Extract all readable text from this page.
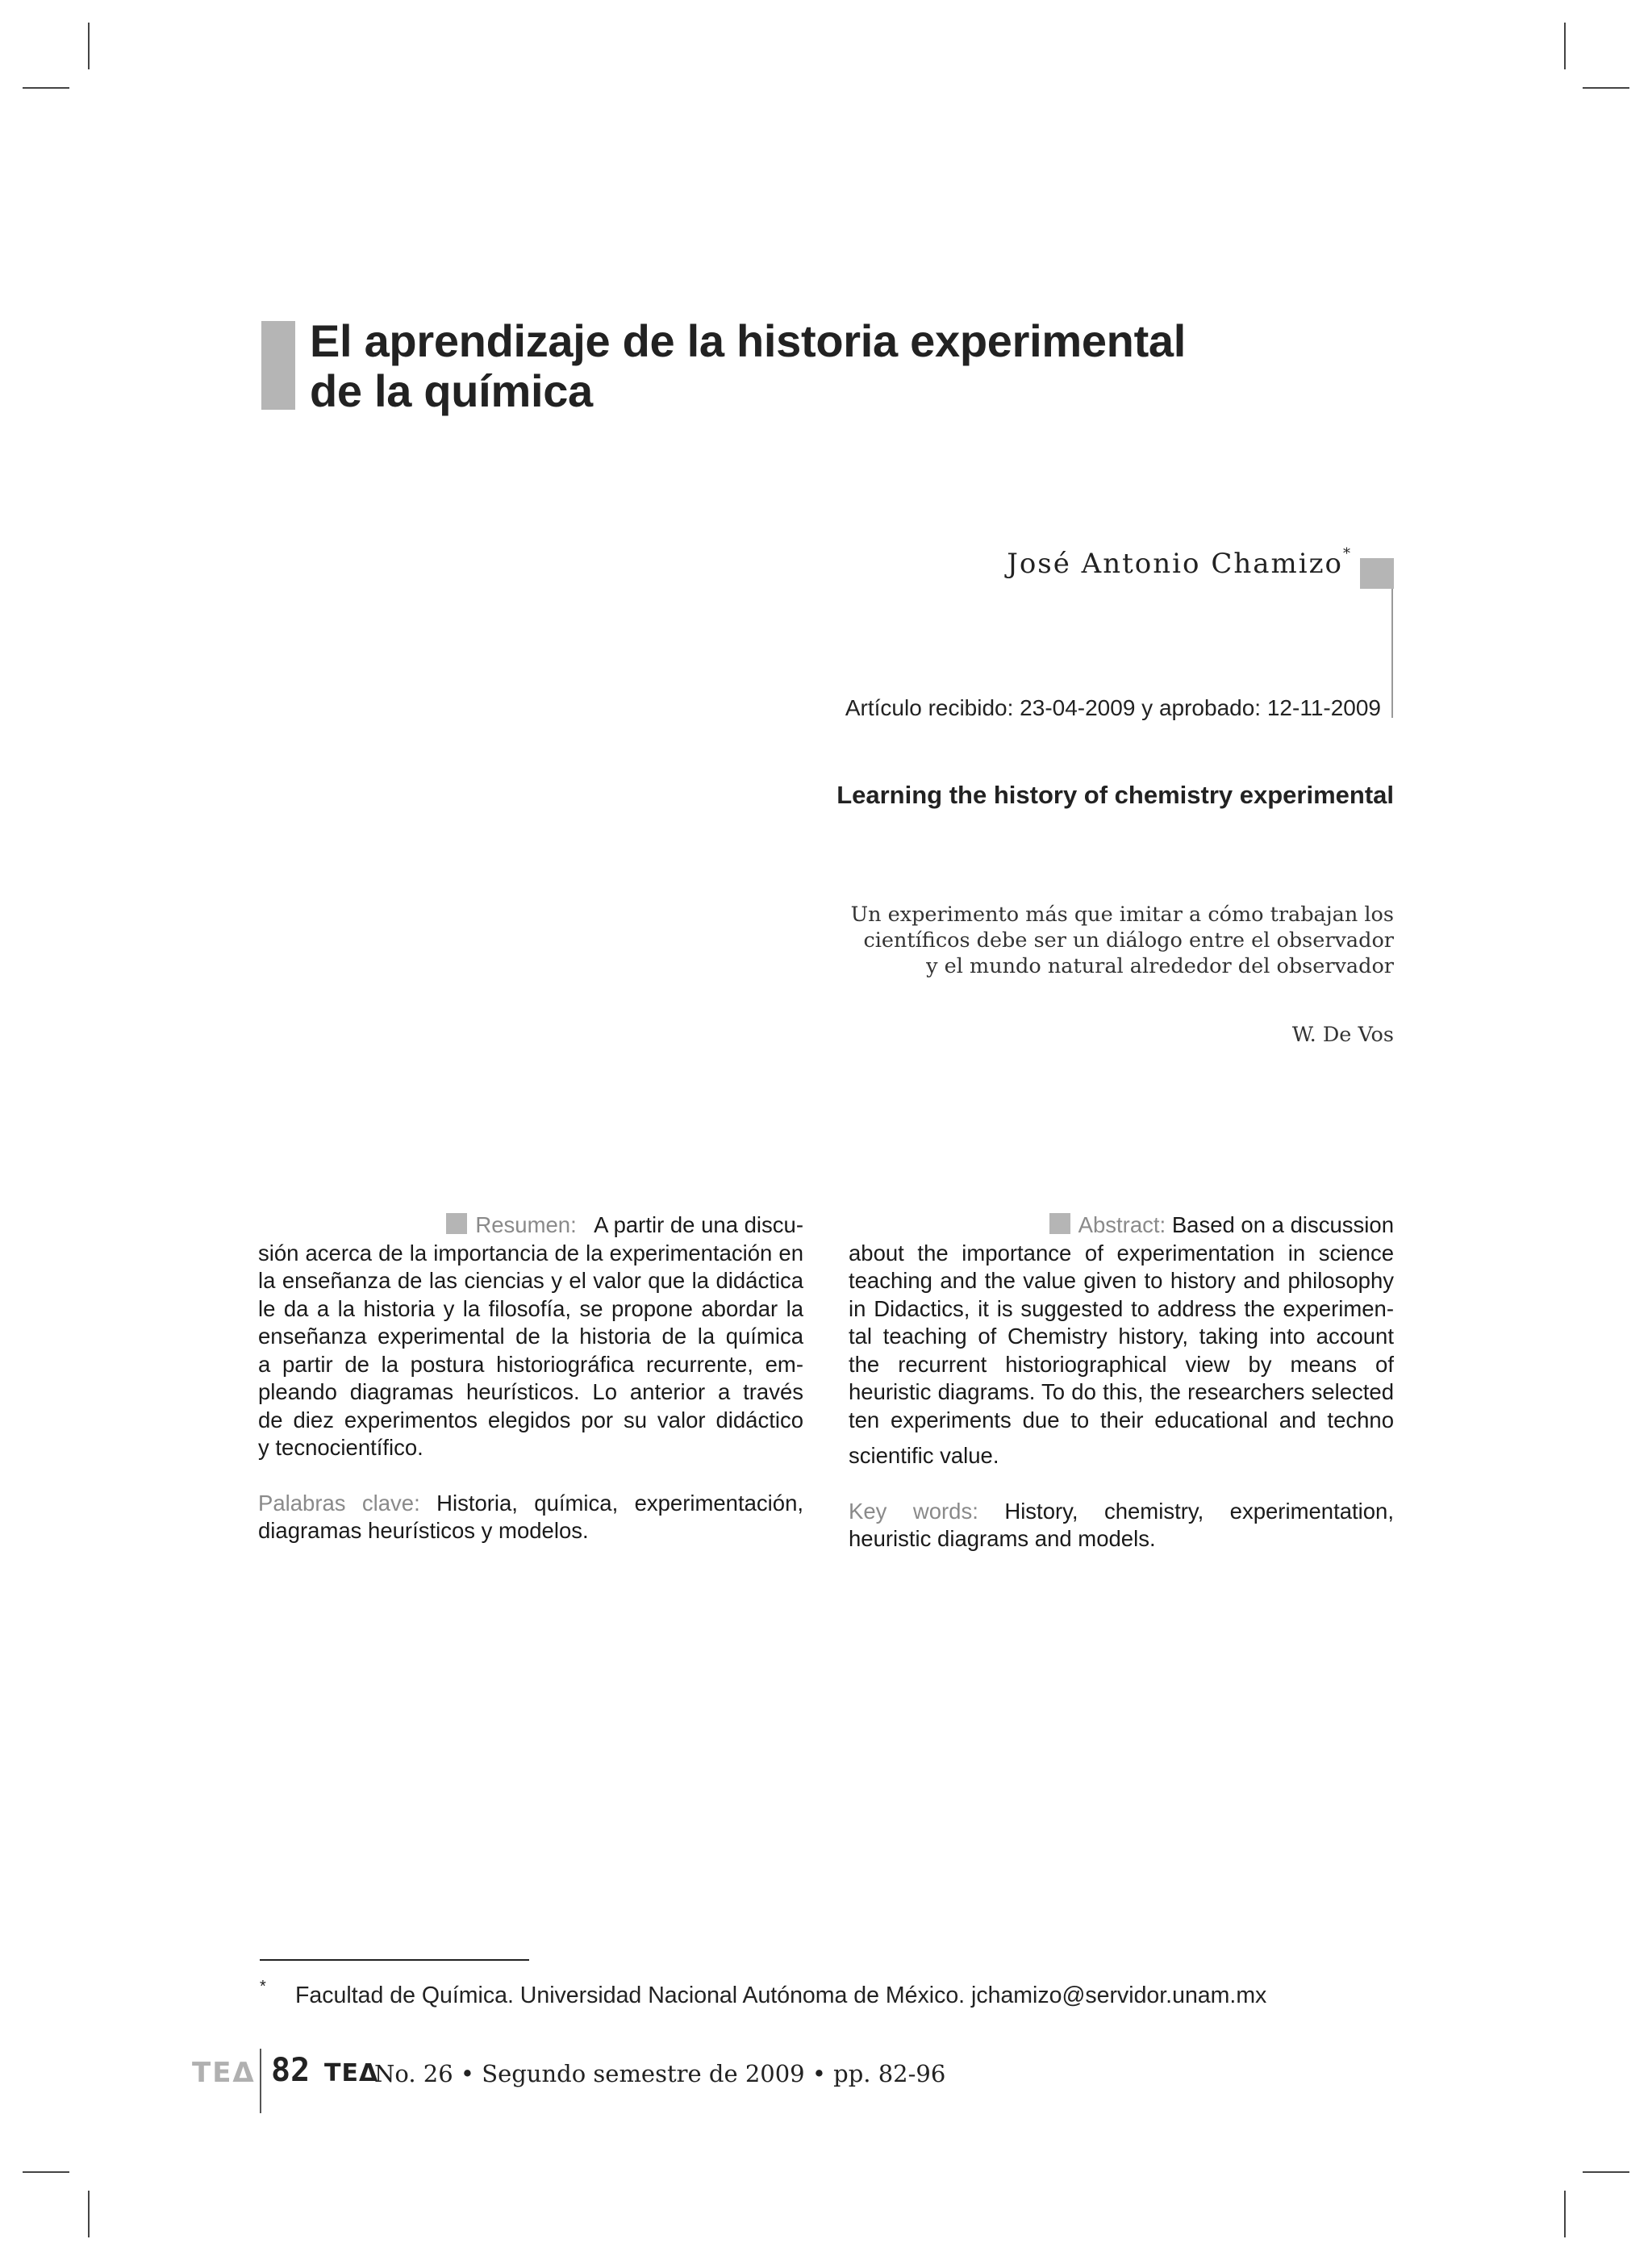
El aprendizaje de la historia experimental
de la química
José Antonio Chamizo*
Artículo recibido: 23-04-2009 y aprobado: 12-11-2009
Learning the history of chemistry experimental
Un experimento más que imitar a cómo trabajan los
científicos debe ser un diálogo entre el observador
y el mundo natural alrededor del observador
W. De Vos
Resumen: A partir de una discu-
sión acerca de la importancia de la experimentación en
la enseñanza de las ciencias y el valor que la didáctica
le da a la historia y la filosofía, se propone abordar la
enseñanza experimental de la historia de la química
a partir de la postura historiográfica recurrente, em-
pleando diagramas heurísticos. Lo anterior a través
de diez experimentos elegidos por su valor didáctico
y tecnocientífico.
Palabras clave: Historia, química, experimentación,
diagramas heurísticos y modelos.
Abstract: Based on a discussion
about the importance of experimentation in science
teaching and the value given to history and philosophy
in Didactics, it is suggested to address the experimen-
tal teaching of Chemistry history, taking into account
the recurrent historiographical view by means of
heuristic diagrams. To do this, the researchers selected
ten experiments due to their educational and techno
scientific value.
Key words: History, chemistry, experimentation,
heuristic diagrams and models.
* Facultad de Química. Universidad Nacional Autónoma de México. jchamizo@servidor.unam.mx
TEΔ 82 TEΔ
No. 26 • Segundo semestre de 2009 • pp. 82-96
